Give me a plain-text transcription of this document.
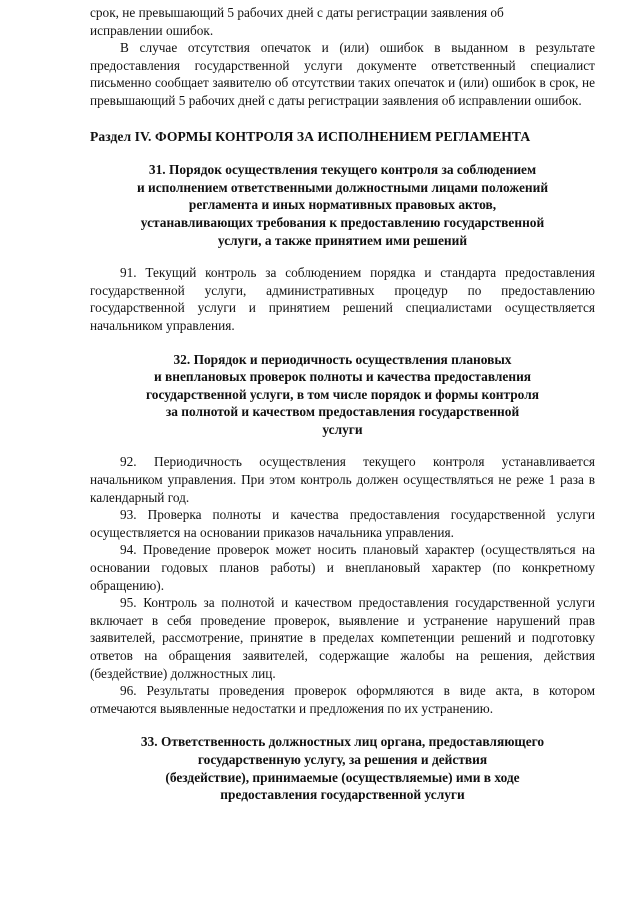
срок, не превышающий 5 рабочих дней с даты регистрации заявления об
исправлении ошибок.

В случае отсутствия опечаток и (или) ошибок в выданном в результате предоставления государственной услуги документе ответственный специалист письменно сообщает заявителю об отсутствии таких опечаток и (или) ошибок в срок, не превышающий 5 рабочих дней с даты регистрации заявления об исправлении ошибок.

Раздел IV. ФОРМЫ КОНТРОЛЯ ЗА ИСПОЛНЕНИЕМ РЕГЛАМЕНТА
31. Порядок осуществления текущего контроля за соблюдением
и исполнением ответственными должностными лицами положений
регламента и иных нормативных правовых актов,
устанавливающих требования к предоставлению государственной
услуги, а также принятием ими решений

91. Текущий контроль за соблюдением порядка и стандарта предоставления государственной услуги, административных процедур по предоставлению государственной услуги и принятием решений специалистами осуществляется начальником управления.

32. Порядок и периодичность осуществления плановых
и внеплановых проверок полноты и качества предоставления
государственной услуги, в том числе порядок и формы контроля
за полнотой и качеством предоставления государственной
услуги

92. Периодичность осуществления текущего контроля устанавливается начальником управления. При этом контроль должен осуществляться не реже 1 раза в календарный год.

93. Проверка полноты и качества предоставления государственной услуги осуществляется на основании приказов начальника управления.

94. Проведение проверок может носить плановый характер (осуществляться на основании годовых планов работы) и внеплановый характер (по конкретному обращению).

95. Контроль за полнотой и качеством предоставления государственной услуги включает в себя проведение проверок, выявление и устранение нарушений прав заявителей, рассмотрение, принятие в пределах компетенции решений и подготовку ответов на обращения заявителей, содержащие жалобы на решения, действия (бездействие) должностных лиц.

96. Результаты проведения проверок оформляются в виде акта, в котором отмечаются выявленные недостатки и предложения по их устранению.

33. Ответственность должностных лиц органа, предоставляющего
государственную услугу, за решения и действия
(бездействие), принимаемые (осуществляемые) ими в ходе
предоставления государственной услуги
